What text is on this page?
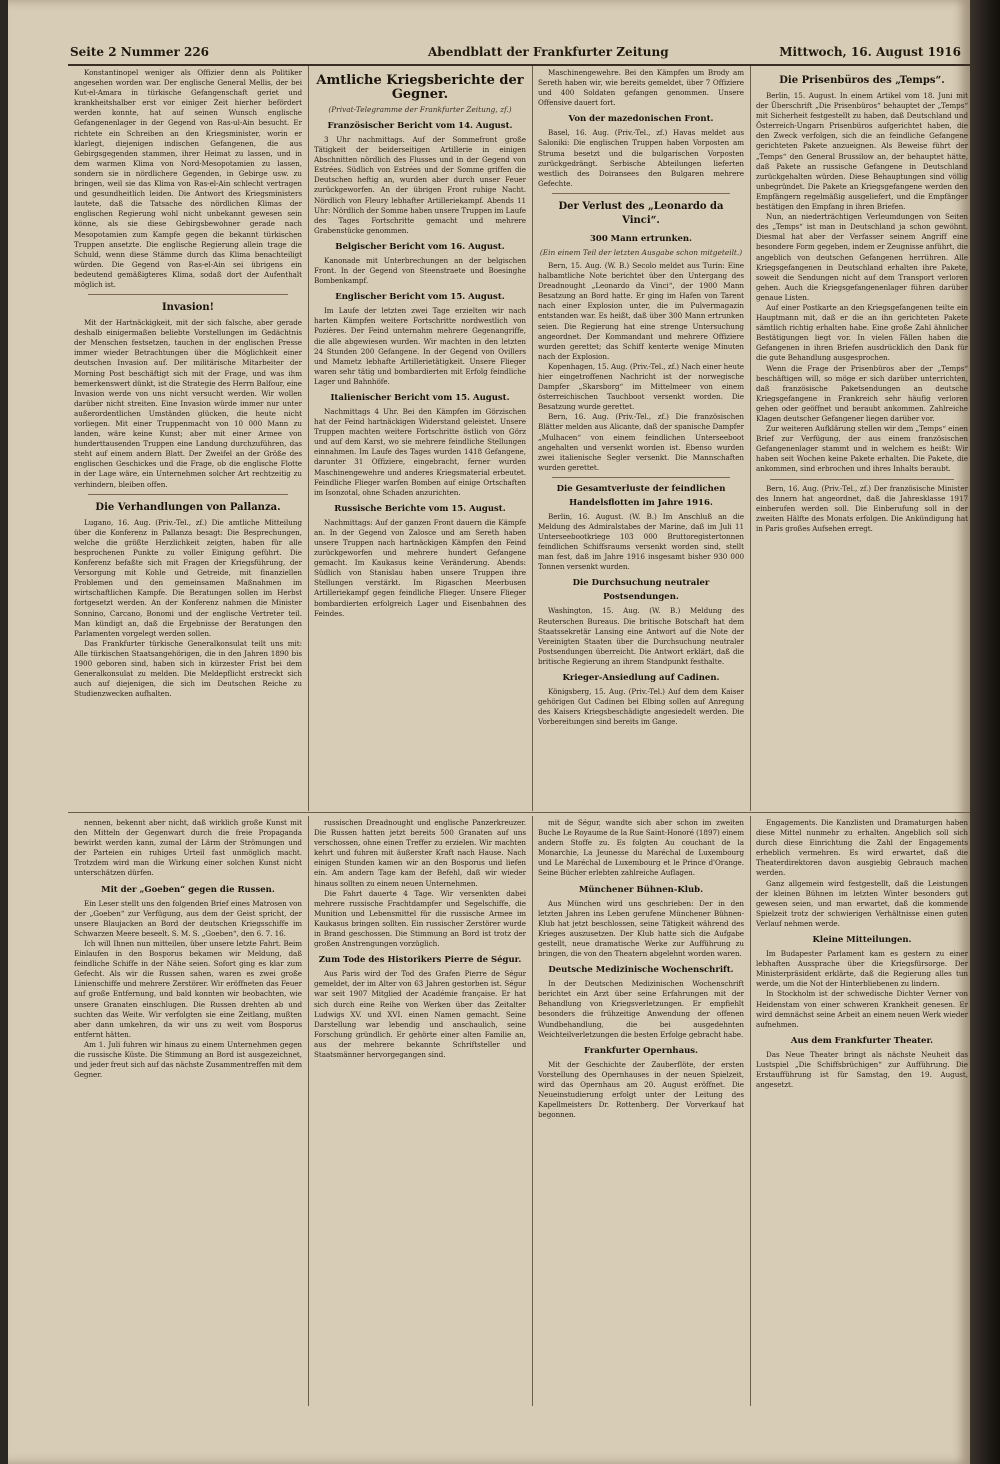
Seite 2 Nummer 226	Abendblatt der Frankfurter Zeitung	Mittwoch, 16. August 1916

Konstantinopel weniger als Offizier denn als Politiker angesehen worden war. Der englische General Mellis, der bei Kut-el-Amara in türkische Gefangenschaft geriet und krankheitshalber erst vor einiger Zeit hierher befördert werden konnte, hat auf seinen Wunsch englische Gefangenenlager in der Gegend von Ras-ul-Ain besucht. Er richtete ein Schreiben an den Kriegsminister, worin er klarlegt, diejenigen indischen Gefangenen, die aus Gebirgsgegenden stammen, ihrer Heimat zu lassen, und in dem warmen Klima von Nord-Mesopotamien zu lassen, sondern sie in nördlichere Gegenden, in Gebirge usw. zu bringen, weil sie das Klima von Ras-el-Ain schlecht vertragen und gesundheitlich leiden. Die Antwort des Kriegsministers lautete, daß die Tatsache des nördlichen Klimas der englischen Regierung wohl nicht unbekannt gewesen sein könne, als sie diese Gebirgsbewohner gerade nach Mesopotamien zum Kampfe gegen die bekannt türkischen Truppen ansetzte. Die englische Regierung allein trage die Schuld, wenn diese Stämme durch das Klima benachteiligt würden. Die Gegend von Ras-el-Ain sei übrigens ein bedeutend gemäßigteres Klima, sodaß dort der Aufenthalt möglich ist.

Invasion!

Mit der Hartnäckigkeit, mit der sich falsche, aber gerade deshalb einigermaßen beliebte Vorstellungen im Gedächtnis der Menschen festsetzen, tauchen in der englischen Presse immer wieder Betrachtungen über die Möglichkeit einer deutschen Invasion auf. Der militärische Mitarbeiter der Morning Post beschäftigt sich mit der Frage, und was ihm bemerkenswert dünkt, ist die Strategie des Herrn Balfour, eine Invasion werde von uns nicht versucht werden. Wir wollen darüber nicht streiten. Eine Invasion würde immer nur unter außerordentlichen Umständen glücken, die heute nicht vorliegen. Mit einer Truppenmacht von 10 000 Mann zu landen, wäre keine Kunst; aber mit einer Armee von hunderttausenden Truppen eine Landung durchzuführen, das steht auf einem andern Blatt. Der Zweifel an der Größe des englischen Geschickes und die Frage, ob die englische Flotte in der Lage wäre, ein Unternehmen solcher Art rechtzeitig zu verhindern, bleiben offen.

Die Verhandlungen von Pallanza.

Lugano, 16. Aug. (Priv.-Tel., zf.) Die amtliche Mitteilung über die Konferenz in Pallanza besagt: Die Besprechungen, welche die größte Herzlichkeit zeigten, haben für alle besprochenen Punkte zu voller Einigung geführt. Die Konferenz befaßte sich mit Fragen der Kriegsführung, der Versorgung mit Kohle und Getreide, mit finanziellen Problemen und den gemeinsamen Maßnahmen im wirtschaftlichen Kampfe. Die Beratungen sollen im Herbst fortgesetzt werden. An der Konferenz nahmen die Minister Sonnino, Carcano, Bonomi und der englische Vertreter teil. Man kündigt an, daß die Ergebnisse der Beratungen den Parlamenten vorgelegt werden sollen.

Das Frankfurter türkische Generalkonsulat teilt uns mit: Alle türkischen Staatsangehörigen, die in den Jahren 1890 bis 1900 geboren sind, haben sich in kürzester Frist bei dem Generalkonsulat zu melden. Die Meldepflicht erstreckt sich auch auf diejenigen, die sich im Deutschen Reiche zu Studienzwecken aufhalten.

Amtliche Kriegsberichte der Gegner.
(Privat-Telegramme der Frankfurter Zeitung, zf.)
Französischer Bericht vom 14. August.

3 Uhr nachmittags. Auf der Sommefront große Tätigkeit der beiderseitigen Artillerie in einigen Abschnitten nördlich des Flusses und in der Gegend von Estrées. Südlich von Estrées und der Somme griffen die Deutschen heftig an, wurden aber durch unser Feuer zurückgeworfen. An der übrigen Front ruhige Nacht. Nördlich von Fleury lebhafter Artilleriekampf. Abends 11 Uhr: Nördlich der Somme haben unsere Truppen im Laufe des Tages Fortschritte gemacht und mehrere Grabenstücke genommen.

Belgischer Bericht vom 16. August.

Kanonade mit Unterbrechungen an der belgischen Front. In der Gegend von Steenstraete und Boesinghe Bombenkampf.

Englischer Bericht vom 15. August.

Im Laufe der letzten zwei Tage erzielten wir nach harten Kämpfen weitere Fortschritte nordwestlich von Pozières. Der Feind unternahm mehrere Gegenangriffe, die alle abgewiesen wurden. Wir machten in den letzten 24 Stunden 200 Gefangene. In der Gegend von Ovillers und Mametz lebhafte Artillerietätigkeit. Unsere Flieger waren sehr tätig und bombardierten mit Erfolg feindliche Lager und Bahnhöfe.

Italienischer Bericht vom 15. August.

Nachmittags 4 Uhr. Bei den Kämpfen im Görzischen hat der Feind hartnäckigen Widerstand geleistet. Unsere Truppen machten weitere Fortschritte östlich von Görz und auf dem Karst, wo sie mehrere feindliche Stellungen einnahmen. Im Laufe des Tages wurden 1418 Gefangene, darunter 31 Offiziere, eingebracht, ferner wurden Maschinengewehre und anderes Kriegsmaterial erbeutet. Feindliche Flieger warfen Bomben auf einige Ortschaften im Isonzotal, ohne Schaden anzurichten.

Russische Berichte vom 15. August.

Nachmittags: Auf der ganzen Front dauern die Kämpfe an. In der Gegend von Zalosce und am Sereth haben unsere Truppen nach hartnäckigen Kämpfen den Feind zurückgeworfen und mehrere hundert Gefangene gemacht. Im Kaukasus keine Veränderung. Abends: Südlich von Stanislau haben unsere Truppen ihre Stellungen verstärkt. Im Rigaschen Meerbusen Artilleriekampf gegen feindliche Flieger. Unsere Flieger bombardierten erfolgreich Lager und Eisenbahnen des Feindes.

Maschinengewehre. Bei den Kämpfen um Brody am Sereth haben wir, wie bereits gemeldet, über 7 Offiziere und 400 Soldaten gefangen genommen. Unsere Offensive dauert fort.

Von der mazedonischen Front.

Basel, 16. Aug. (Priv.-Tel., zf.) Havas meldet aus Saloniki: Die englischen Truppen haben Vorposten am Struma besetzt und die bulgarischen Vorposten zurückgedrängt. Serbische Abteilungen lieferten westlich des Doiransees den Bulgaren mehrere Gefechte.

Der Verlust des „Leonardo da Vinci“.
300 Mann ertrunken.
(Ein einem Teil der letzten Ausgabe schon mitgeteilt.)

Bern, 15. Aug. (W. B.) Secolo meldet aus Turin: Eine halbamtliche Note berichtet über den Untergang des Dreadnought „Leonardo da Vinci“, der 1900 Mann Besatzung an Bord hatte. Er ging im Hafen von Tarent nach einer Explosion unter, die im Pulvermagazin entstanden war. Es heißt, daß über 300 Mann ertrunken seien. Die Regierung hat eine strenge Untersuchung angeordnet. Der Kommandant und mehrere Offiziere wurden gerettet; das Schiff kenterte wenige Minuten nach der Explosion.

Kopenhagen, 15. Aug. (Priv.-Tel., zf.) Nach einer heute hier eingetroffenen Nachricht ist der norwegische Dampfer „Skarsborg“ im Mittelmeer von einem österreichischen Tauchboot versenkt worden. Die Besatzung wurde gerettet.

Bern, 16. Aug. (Priv.-Tel., zf.) Die französischen Blätter melden aus Alicante, daß der spanische Dampfer „Mulhacen“ von einem feindlichen Unterseeboot angehalten und versenkt worden ist. Ebenso wurden zwei italienische Segler versenkt. Die Mannschaften wurden gerettet.

Die Gesamtverluste der feindlichen Handelsflotten im Jahre 1916.

Berlin, 16. August. (W. B.) Im Anschluß an die Meldung des Admiralstabes der Marine, daß im Juli 11 Unterseebootkriege 103 000 Bruttoregistertonnen feindlichen Schiffsraums versenkt worden sind, stellt man fest, daß im Jahre 1916 insgesamt bisher 930 000 Tonnen versenkt wurden.

Die Durchsuchung neutraler Postsendungen.

Washington, 15. Aug. (W. B.) Meldung des Reuterschen Bureaus. Die britische Botschaft hat dem Staatssekretär Lansing eine Antwort auf die Note der Vereinigten Staaten über die Durchsuchung neutraler Postsendungen überreicht. Die Antwort erklärt, daß die britische Regierung an ihrem Standpunkt festhalte.

Krieger-Ansiedlung auf Cadinen.

Königsberg, 15. Aug. (Priv.-Tel.) Auf dem dem Kaiser gehörigen Gut Cadinen bei Elbing sollen auf Anregung des Kaisers Kriegsbeschädigte angesiedelt werden. Die Vorbereitungen sind bereits im Gange.

Die Prisenbüros des „Temps“.

Berlin, 15. August. In einem Artikel vom 18. Juni mit der Überschrift „Die Prisenbüros“ behauptet der „Temps“ mit Sicherheit festgestellt zu haben, daß Deutschland und Österreich-Ungarn Prisenbüros aufgerichtet haben, die den Zweck verfolgen, sich die an feindliche Gefangene gerichteten Pakete anzueignen. Als Beweise führt der „Temps“ den General Brussilow an, der behauptet hätte, daß Pakete an russische Gefangene in Deutschland zurückgehalten würden. Diese Behauptungen sind völlig unbegründet. Die Pakete an Kriegsgefangene werden den Empfängern regelmäßig ausgeliefert, und die Empfänger bestätigen den Empfang in ihren Briefen.

Nun, an niederträchtigen Verleumdungen von Seiten des „Temps“ ist man in Deutschland ja schon gewöhnt. Diesmal hat aber der Verfasser seinem Angriff eine besondere Form gegeben, indem er Zeugnisse anführt, die angeblich von deutschen Gefangenen herrühren. Alle Kriegsgefangenen in Deutschland erhalten ihre Pakete, soweit die Sendungen nicht auf dem Transport verloren gehen. Auch die Kriegsgefangenenlager führen darüber genaue Listen.

Auf einer Postkarte an den Kriegsgefangenen teilte ein Hauptmann mit, daß er die an ihn gerichteten Pakete sämtlich richtig erhalten habe. Eine große Zahl ähnlicher Bestätigungen liegt vor. In vielen Fällen haben die Gefangenen in ihren Briefen ausdrücklich den Dank für die gute Behandlung ausgesprochen.

Wenn die Frage der Prisenbüros aber der „Temps“ beschäftigen will, so möge er sich darüber unterrichten, daß französische Paketsendungen an deutsche Kriegsgefangene in Frankreich sehr häufig verloren gehen oder geöffnet und beraubt ankommen. Zahlreiche Klagen deutscher Gefangener liegen darüber vor.

Zur weiteren Aufklärung stellen wir dem „Temps“ einen Brief zur Verfügung, der aus einem französischen Gefangenenlager stammt und in welchem es heißt: Wir haben seit Wochen keine Pakete erhalten. Die Pakete, die ankommen, sind erbrochen und ihres Inhalts beraubt.

Bern, 16. Aug. (Priv.-Tel., zf.) Der französische Minister des Innern hat angeordnet, daß die Jahresklasse 1917 einberufen werden soll. Die Einberufung soll in der zweiten Hälfte des Monats erfolgen. Die Ankündigung hat in Paris großes Aufsehen erregt.

nennen, bekennt aber nicht, daß wirklich große Kunst mit den Mitteln der Gegenwart durch die freie Propaganda bewirkt werden kann, zumal der Lärm der Strömungen und der Parteien ein ruhiges Urteil fast unmöglich macht. Trotzdem wird man die Wirkung einer solchen Kunst nicht unterschätzen dürfen.

Mit der „Goeben“ gegen die Russen.

Ein Leser stellt uns den folgenden Brief eines Matrosen von der „Goeben“ zur Verfügung, aus dem der Geist spricht, der unsere Blaujacken an Bord der deutschen Kriegsschiffe im Schwarzen Meere beseelt. S. M. S. „Goeben“, den 6. 7. 16.

Ich will Ihnen nun mitteilen, über unsere letzte Fahrt. Beim Einlaufen in den Bosporus bekamen wir Meldung, daß feindliche Schiffe in der Nähe seien. Sofort ging es klar zum Gefecht. Als wir die Russen sahen, waren es zwei große Linienschiffe und mehrere Zerstörer. Wir eröffneten das Feuer auf große Entfernung, und bald konnten wir beobachten, wie unsere Granaten einschlugen. Die Russen drehten ab und suchten das Weite. Wir verfolgten sie eine Zeitlang, mußten aber dann umkehren, da wir uns zu weit vom Bosporus entfernt hätten.

Am 1. Juli fuhren wir hinaus zu einem Unternehmen gegen die russische Küste. Die Stimmung an Bord ist ausgezeichnet, und jeder freut sich auf das nächste Zusammentreffen mit dem Gegner.

russischen Dreadnought und englische Panzerkreuzer. Die Russen hatten jetzt bereits 500 Granaten auf uns verschossen, ohne einen Treffer zu erzielen. Wir machten kehrt und fuhren mit äußerster Kraft nach Hause. Nach einigen Stunden kamen wir an den Bosporus und liefen ein. Am andern Tage kam der Befehl, daß wir wieder hinaus sollten zu einem neuen Unternehmen.

Die Fahrt dauerte 4 Tage. Wir versenkten dabei mehrere russische Frachtdampfer und Segelschiffe, die Munition und Lebensmittel für die russische Armee im Kaukasus bringen sollten. Ein russischer Zerstörer wurde in Brand geschossen. Die Stimmung an Bord ist trotz der großen Anstrengungen vorzüglich.

Zum Tode des Historikers Pierre de Ségur.

Aus Paris wird der Tod des Grafen Pierre de Ségur gemeldet, der im Alter von 63 Jahren gestorben ist. Ségur war seit 1907 Mitglied der Académie française. Er hat sich durch eine Reihe von Werken über das Zeitalter Ludwigs XV. und XVI. einen Namen gemacht. Seine Darstellung war lebendig und anschaulich, seine Forschung gründlich. Er gehörte einer alten Familie an, aus der mehrere bekannte Schriftsteller und Staatsmänner hervorgegangen sind.

mit de Ségur, wandte sich aber schon im zweiten Buche Le Royaume de la Rue Saint-Honoré (1897) einem andern Stoffe zu. Es folgten Au couchant de la Monarchie, La Jeunesse du Maréchal de Luxembourg und Le Maréchal de Luxembourg et le Prince d'Orange. Seine Bücher erlebten zahlreiche Auflagen.

Münchener Bühnen-Klub.

Aus München wird uns geschrieben: Der in den letzten Jahren ins Leben gerufene Münchener Bühnen-Klub hat jetzt beschlossen, seine Tätigkeit während des Krieges auszusetzen. Der Klub hatte sich die Aufgabe gestellt, neue dramatische Werke zur Aufführung zu bringen, die von den Theatern abgelehnt worden waren.

Deutsche Medizinische Wochenschrift.

In der Deutschen Medizinischen Wochenschrift berichtet ein Arzt über seine Erfahrungen mit der Behandlung von Kriegsverletzungen. Er empfiehlt besonders die frühzeitige Anwendung der offenen Wundbehandlung, die bei ausgedehnten Weichteilverletzungen die besten Erfolge gebracht habe.

Frankfurter Opernhaus.

Mit der Geschichte der Zauberflöte, der ersten Vorstellung des Opernhauses in der neuen Spielzeit, wird das Opernhaus am 20. August eröffnet. Die Neueinstudierung erfolgt unter der Leitung des Kapellmeisters Dr. Rottenberg. Der Vorverkauf hat begonnen.

Engagements. Die Kanzlisten und Dramaturgen haben diese Mittel nunmehr zu erhalten. Angeblich soll sich durch diese Einrichtung die Zahl der Engagements erheblich vermehren. Es wird erwartet, daß die Theaterdirektoren davon ausgiebig Gebrauch machen werden.

Ganz allgemein wird festgestellt, daß die Leistungen der kleinen Bühnen im letzten Winter besonders gut gewesen seien, und man erwartet, daß die kommende Spielzeit trotz der schwierigen Verhältnisse einen guten Verlauf nehmen werde.

Kleine Mitteilungen.

Im Budapester Parlament kam es gestern zu einer lebhaften Aussprache über die Kriegsfürsorge. Der Ministerpräsident erklärte, daß die Regierung alles tun werde, um die Not der Hinterbliebenen zu lindern.

In Stockholm ist der schwedische Dichter Verner von Heidenstam von einer schweren Krankheit genesen. Er wird demnächst seine Arbeit an einem neuen Werk wieder aufnehmen.

Aus dem Frankfurter Theater.

Das Neue Theater bringt als nächste Neuheit das Lustspiel „Die Schiffsbrüchigen“ zur Aufführung. Die Erstaufführung ist für Samstag, den 19. August, angesetzt.
